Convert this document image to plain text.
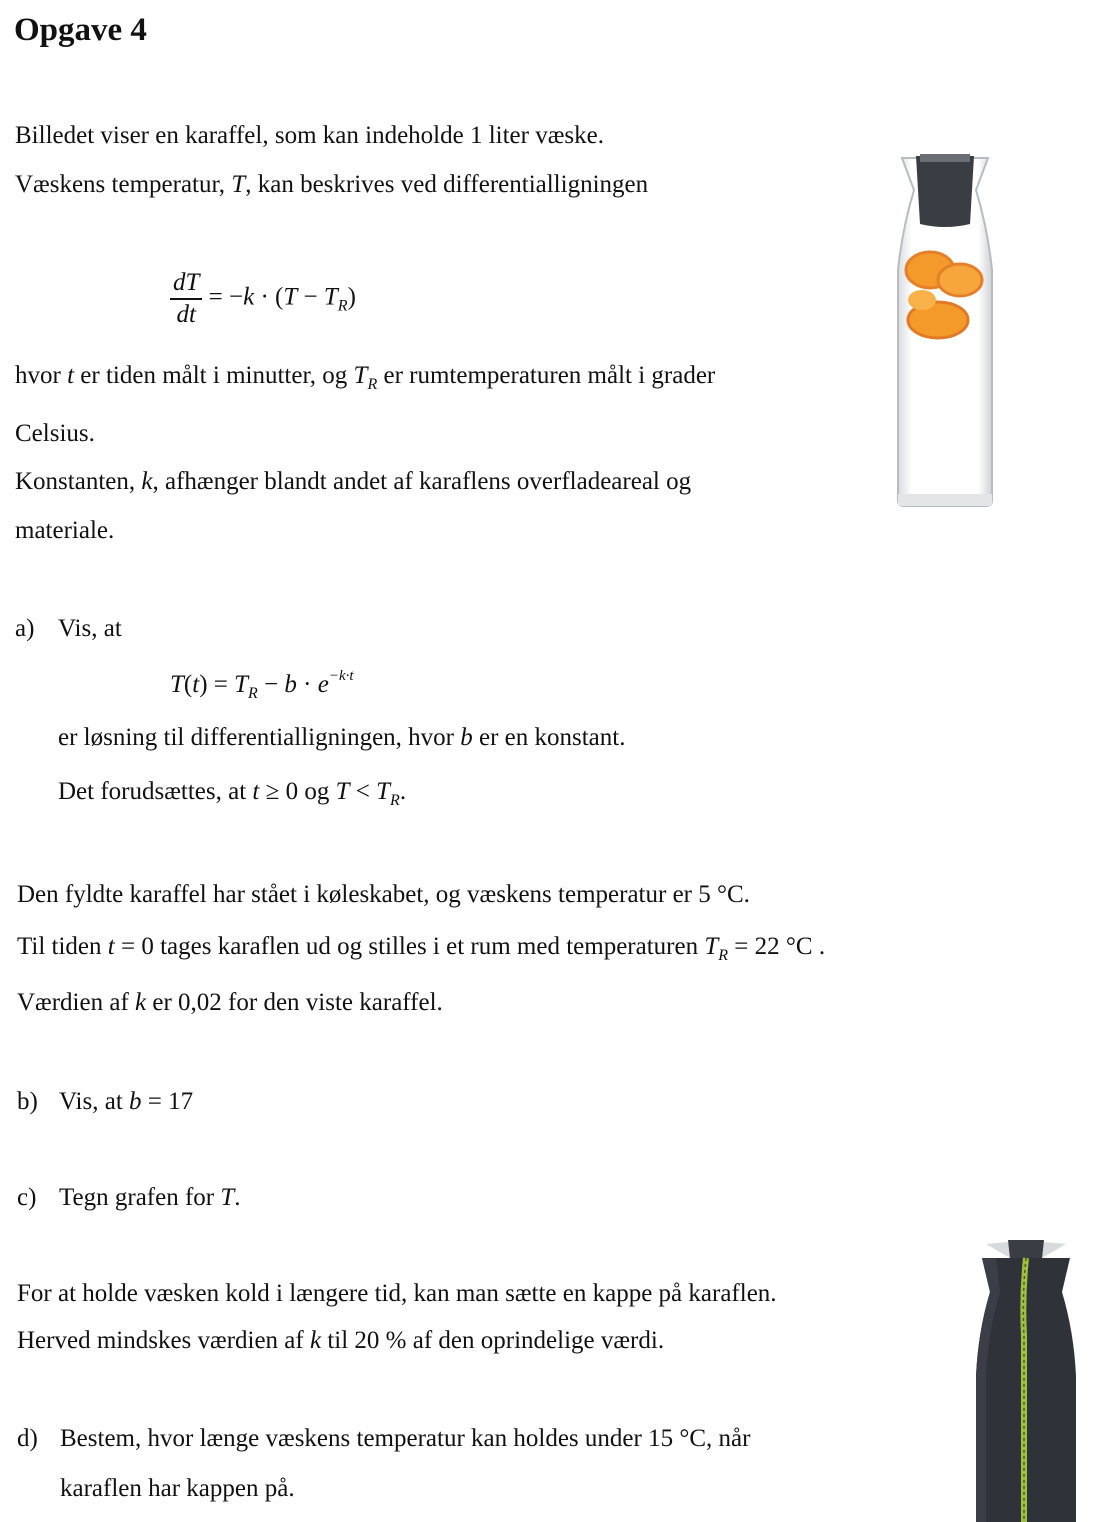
Opgave 4
Billedet viser en karaffel, som kan indeholde 1 liter væske.
Væskens temperatur, T, kan beskrives ved differentialligningen
$\frac{dT}{dt} = -k \cdot (T - T_R)$
hvor t er tiden målt i minutter, og $T_R$ er rumtemperaturen målt i grader
Celsius.
Konstanten, k, afhænger blandt andet af karaflens overfladeareal og
materiale.
a) Vis, at
$T(t) = T_R - b \cdot e^{-k\cdot t}$
er løsning til differentialligningen, hvor b er en konstant.
Det forudsættes, at t ≥ 0 og $T < T_R$.
Den fyldte karaffel har stået i køleskabet, og væskens temperatur er 5 °C.
Til tiden t = 0 tages karaflen ud og stilles i et rum med temperaturen $T_R = 22$ °C .
Værdien af k er 0,02 for den viste karaffel.
b) Vis, at b = 17
c) Tegn grafen for T.
For at holde væsken kold i længere tid, kan man sætte en kappe på karaflen.
Herved mindskes værdien af k til 20 % af den oprindelige værdi.
d) Bestem, hvor længe væskens temperatur kan holdes under 15 °C, når
karaflen har kappen på.
